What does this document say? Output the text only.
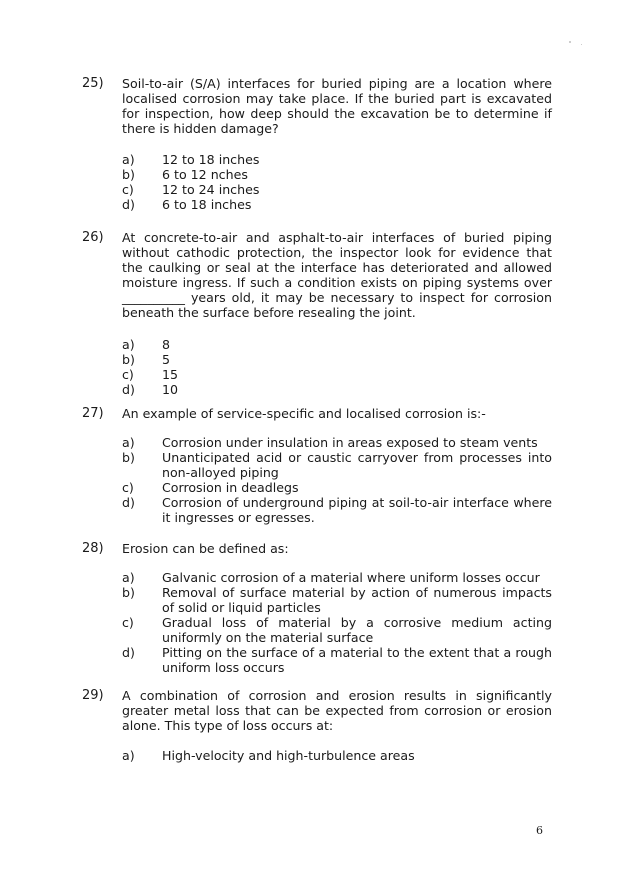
25) Soil-to-air (S/A) interfaces for buried piping are a location where localised corrosion may take place. If the buried part is excavated for inspection, how deep should the excavation be to determine if there is hidden damage?
a) 12 to 18 inches
b) 6 to 12 nches
c) 12 to 24 inches
d) 6 to 18 inches
26) At concrete-to-air and asphalt-to-air interfaces of buried piping without cathodic protection, the inspector look for evidence that the caulking or seal at the interface has deteriorated and allowed moisture ingress. If such a condition exists on piping systems over __________ years old, it may be necessary to inspect for corrosion beneath the surface before resealing the joint.
a) 8
b) 5
c) 15
d) 10
27) An example of service-specific and localised corrosion is:-
a) Corrosion under insulation in areas exposed to steam vents
b) Unanticipated acid or caustic carryover from processes into non-alloyed piping
c) Corrosion in deadlegs
d) Corrosion of underground piping at soil-to-air interface where it ingresses or egresses.
28) Erosion can be defined as:
a) Galvanic corrosion of a material where uniform losses occur
b) Removal of surface material by action of numerous impacts of solid or liquid particles
c) Gradual loss of material by a corrosive medium acting uniformly on the material surface
d) Pitting on the surface of a material to the extent that a rough uniform loss occurs
29) A combination of corrosion and erosion results in significantly greater metal loss that can be expected from corrosion or erosion alone. This type of loss occurs at:
a) High-velocity and high-turbulence areas
6
